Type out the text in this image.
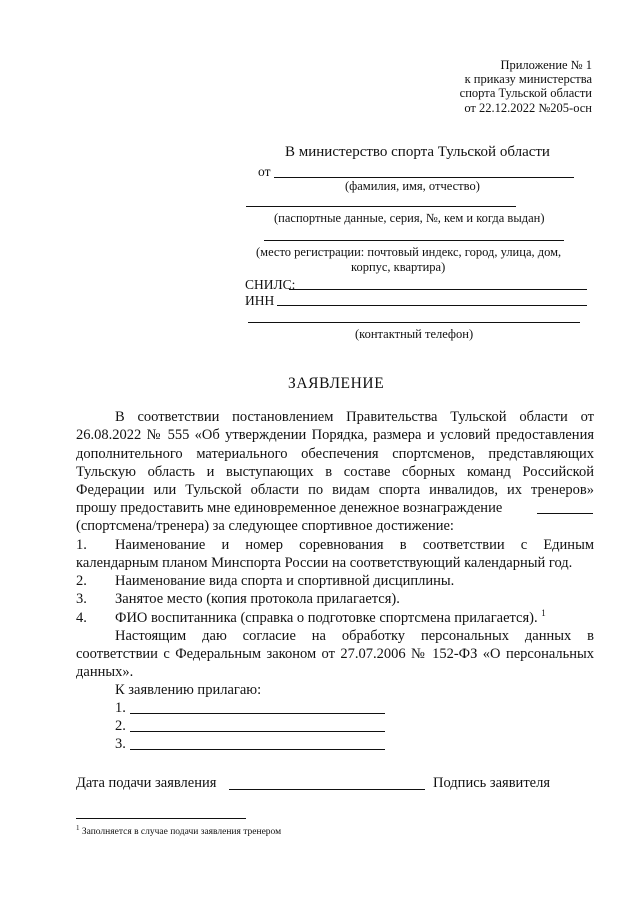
Приложение № 1
к приказу министерства
спорта Тульской области
от 22.12.2022 №205-осн
В министерство спорта Тульской области
от
(фамилия, имя, отчество)
(паспортные данные, серия, №, кем и когда выдан)
(место регистрации: почтовый индекс, город, улица, дом,
корпус, квартира)
СНИЛС:
ИНН
(контактный телефон)
ЗАЯВЛЕНИЕ
В соответствии постановлением Правительства Тульской области от
26.08.2022 № 555 «Об утверждении Порядка, размера и условий предоставления
дополнительного материального обеспечения спортсменов, представляющих
Тульскую область и выступающих в составе сборных команд Российской
Федерации или Тульской области по видам спорта инвалидов, их тренеров»
прошу предоставить мне единовременное денежное вознаграждение
(спортсмена/тренера) за следующее спортивное достижение:
1. Наименование и номер соревнования в соответствии с Единым
календарным планом Минспорта России на соответствующий календарный год.
2. Наименование вида спорта и спортивной дисциплины.
3. Занятое место (копия протокола прилагается).
4. ФИО воспитанника (справка о подготовке спортсмена прилагается). $^1$
Настоящим даю согласие на обработку персональных данных в
соответствии с Федеральным законом от 27.07.2006 № 152-ФЗ «О персональных
данных».
К заявлению прилагаю:
1.
2.
3.
Дата подачи заявления	Подпись заявителя
$^1$ Заполняется в случае подачи заявления тренером
